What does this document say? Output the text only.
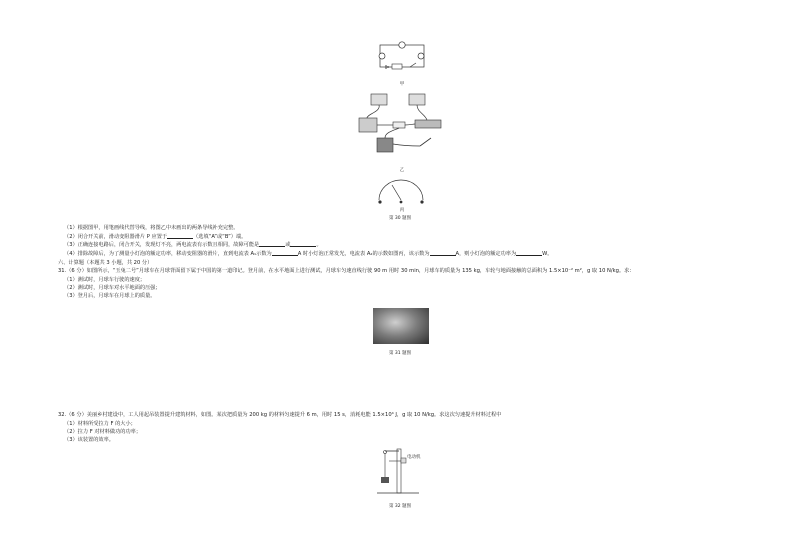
甲
乙
丙
第 30 题图
（1）根据图甲，用笔画线代替导线，将图乙中未画出的两条导线补充完整。
（2）闭合开关前，滑动变阻器滑片 P 应置于	（选填“A”或“B”）端。
（3）正确连接电路后，闭合开关，发现灯不亮，两电流表有示数且相同，故障可能是	或	。
（4）排除故障后，为了测量小灯泡的额定功率，移动变阻器的滑片，直到电流表 A₁示数为	A 时小灯泡正常发光，电流表 A₂的示数如图丙，该示数为	A，则小灯泡的额定功率为	W。
六、计算题（本题共 3 小题，共 20 分）
31.（6 分）如图所示，“玉兔二号”月球车在月球背面留下属于中国的第一道印记。登月前，在水平地面上进行测试，月球车匀速直线行驶 90 m 用时 30 min，月球车的质量为 135 kg，车轮与地面接触的总面积为 1.5×10⁻² m²，g 取 10 N/kg。求：
（1）测试时，月球车行驶的速度；
（2）测试时，月球车对水平地面的压强；
（3）登月后，月球车在月球上的质量。
第 31 题图
32.（6 分）美丽乡村建设中，工人用起吊装置提升建筑材料，如图。某次把质量为 200 kg 的材料匀速提升 6 m，用时 15 s，消耗电能 1.5×10⁴ J，g 取 10 N/kg。求这次匀速提升材料过程中
（1）材料所受拉力 F 的大小；
（2）拉力 F 对材料做功的功率；
（3）该装置的效率。
电动机
第 32 题图
